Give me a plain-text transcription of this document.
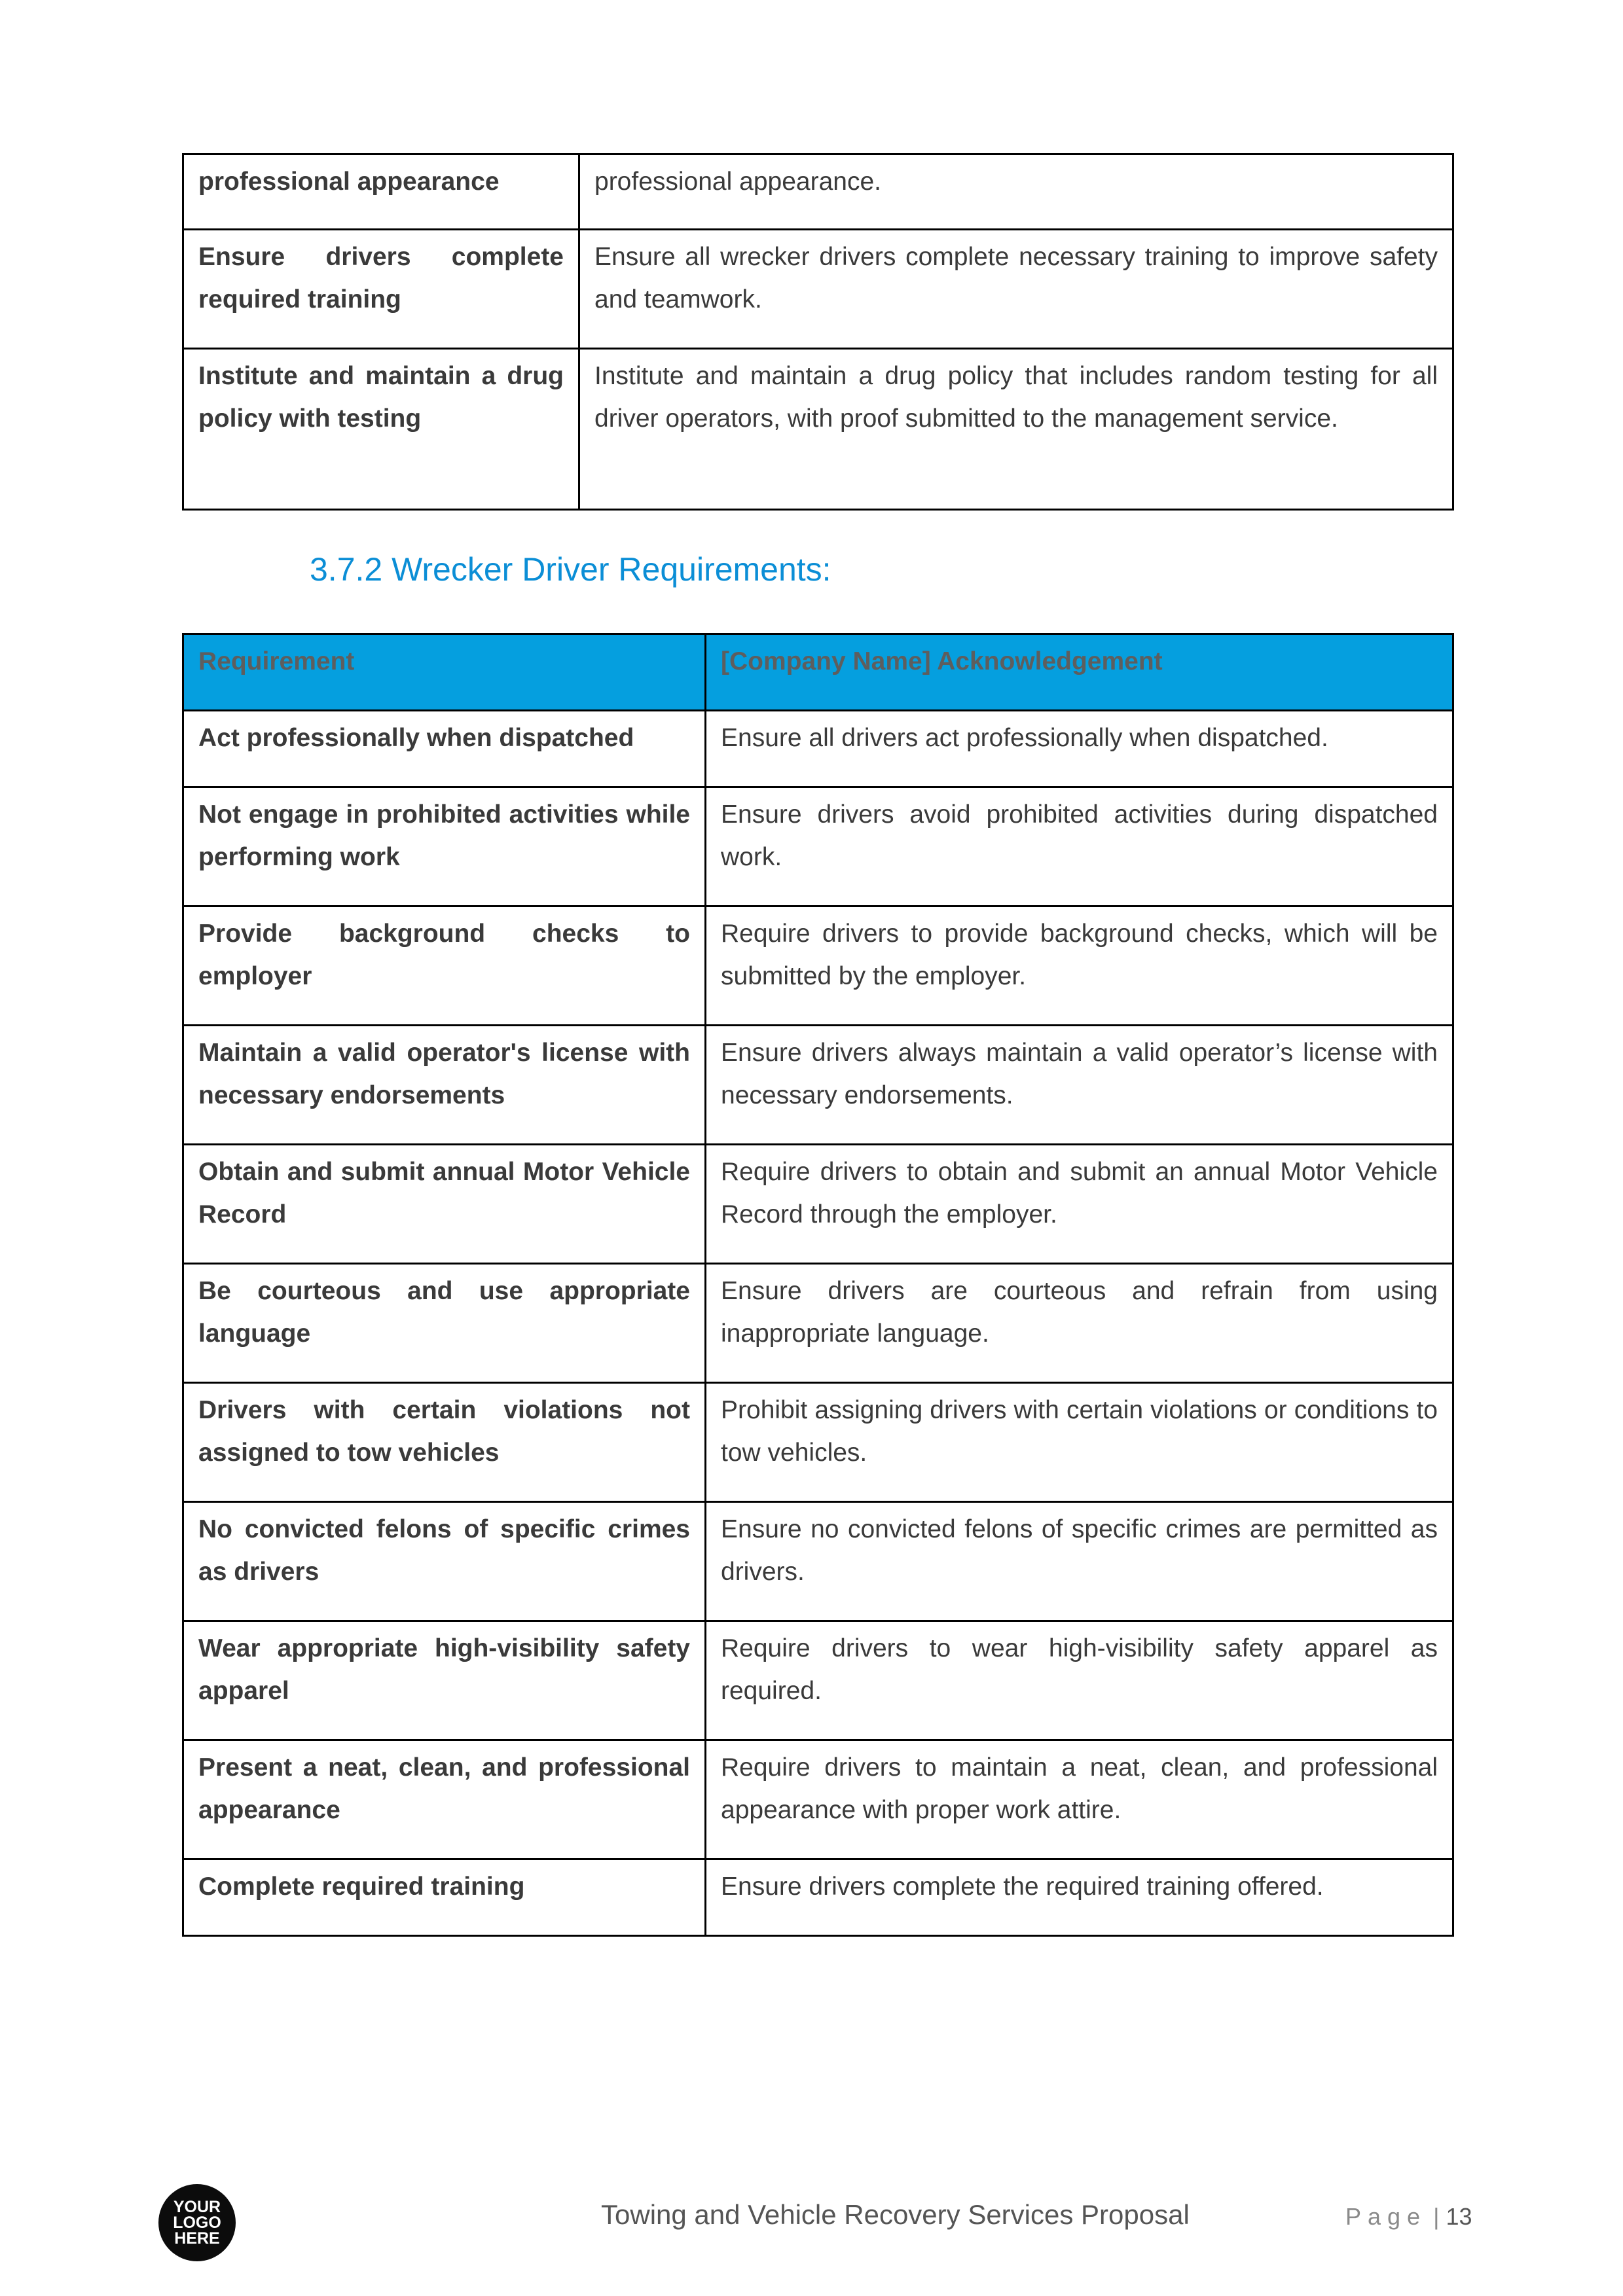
professional appearance	professional appearance.
Ensure drivers complete required training	Ensure all wrecker drivers complete necessary training to improve safety and teamwork.
Institute and maintain a drug policy with testing	Institute and maintain a drug policy that includes random testing for all driver operators, with proof submitted to the management service.
3.7.2 Wrecker Driver Requirements:
Requirement	[Company Name] Acknowledgement
Act professionally when dispatched	Ensure all drivers act professionally when dispatched.
Not engage in prohibited activities while performing work	Ensure drivers avoid prohibited activities during dispatched work.
Provide background checks to employer	Require drivers to provide background checks, which will be submitted by the employer.
Maintain a valid operator's license with necessary endorsements	Ensure drivers always maintain a valid operator’s license with necessary endorsements.
Obtain and submit annual Motor Vehicle Record	Require drivers to obtain and submit an annual Motor Vehicle Record through the employer.
Be courteous and use appropriate language	Ensure drivers are courteous and refrain from using inappropriate language.
Drivers with certain violations not assigned to tow vehicles	Prohibit assigning drivers with certain violations or conditions to tow vehicles.
No convicted felons of specific crimes as drivers	Ensure no convicted felons of specific crimes are permitted as drivers.
Wear appropriate high-visibility safety apparel	Require drivers to wear high-visibility safety apparel as required.
Present a neat, clean, and professional appearance	Require drivers to maintain a neat, clean, and professional appearance with proper work attire.
Complete required training	Ensure drivers complete the required training offered.
YOUR
LOGO
HERE
Towing and Vehicle Recovery Services Proposal	Page | 13
